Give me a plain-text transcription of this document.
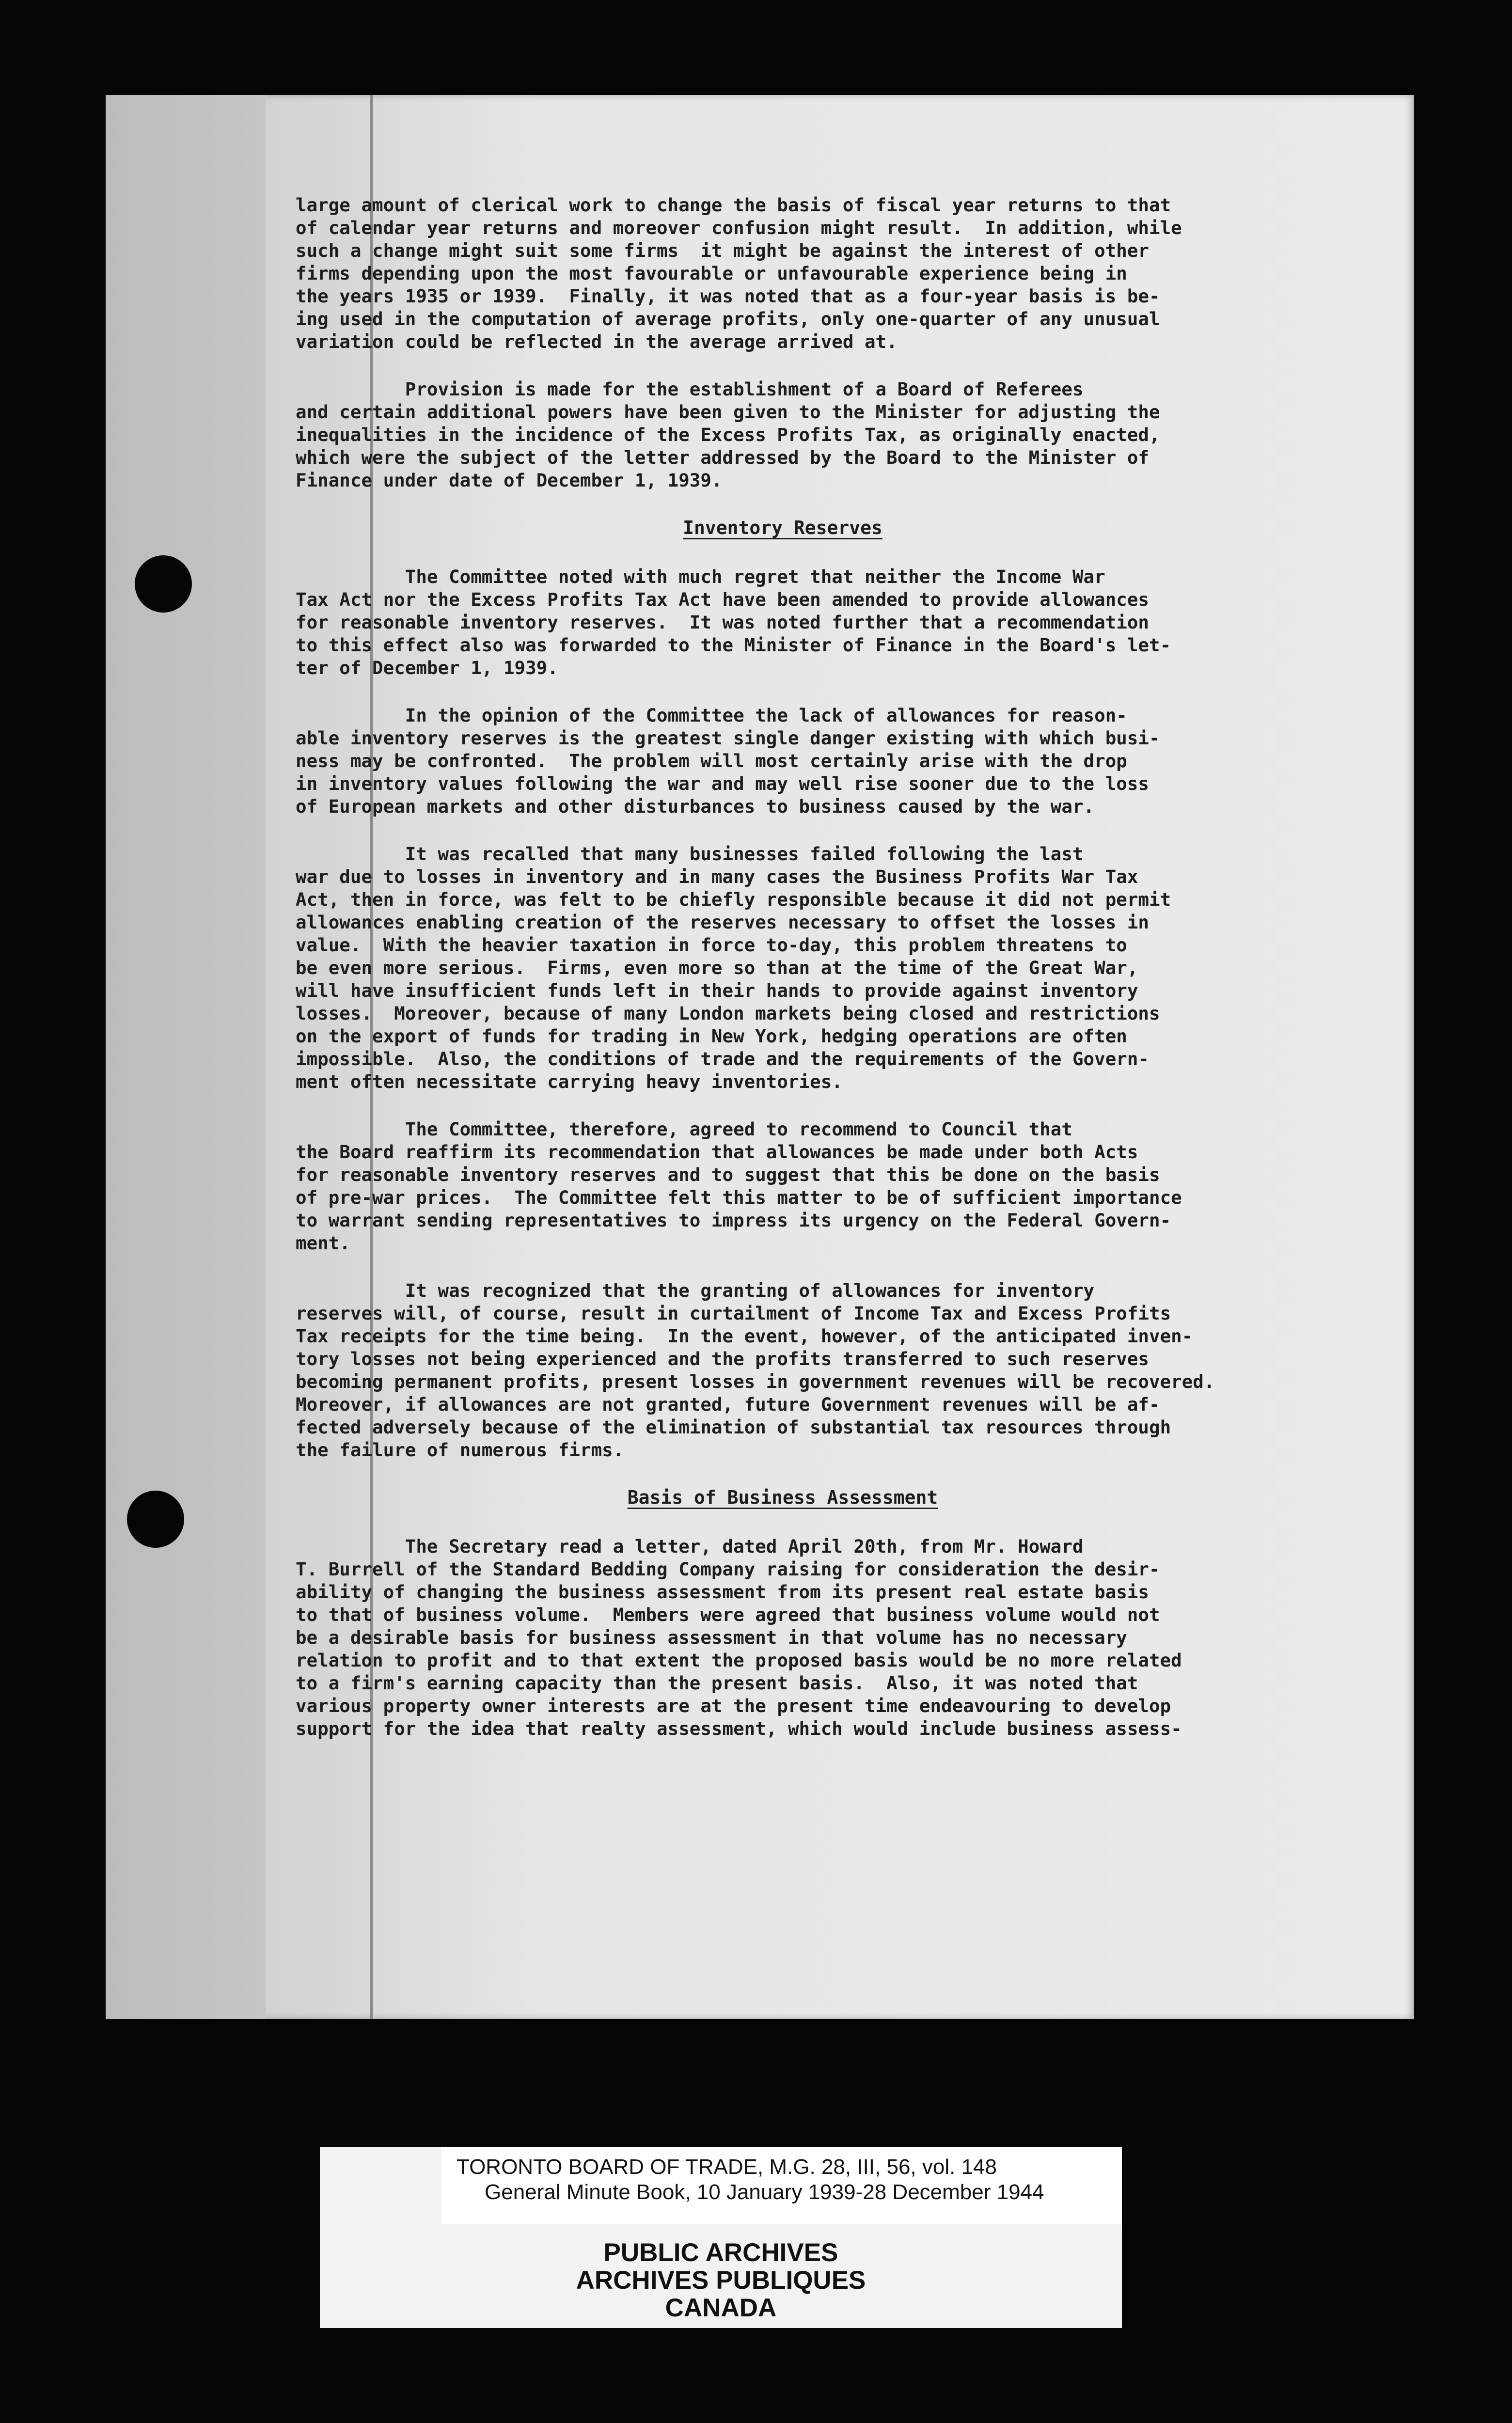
large amount of clerical work to change the basis of fiscal year returns to that
of calendar year returns and moreover confusion might result.  In addition, while
such a change might suit some firms  it might be against the interest of other
firms depending upon the most favourable or unfavourable experience being in
the years 1935 or 1939.  Finally, it was noted that as a four-year basis is be-
ing used in the computation of average profits, only one-quarter of any unusual
variation could be reflected in the average arrived at.
Provision is made for the establishment of a Board of Referees
and certain additional powers have been given to the Minister for adjusting the
inequalities in the incidence of the Excess Profits Tax, as originally enacted,
which were the subject of the letter addressed by the Board to the Minister of
Finance under date of December 1, 1939.
Inventory Reserves
The Committee noted with much regret that neither the Income War
Tax Act nor the Excess Profits Tax Act have been amended to provide allowances
for reasonable inventory reserves.  It was noted further that a recommendation
to this effect also was forwarded to the Minister of Finance in the Board's let-
ter of December 1, 1939.
In the opinion of the Committee the lack of allowances for reason-
able inventory reserves is the greatest single danger existing with which busi-
ness may be confronted.  The problem will most certainly arise with the drop
in inventory values following the war and may well rise sooner due to the loss
of European markets and other disturbances to business caused by the war.
It was recalled that many businesses failed following the last
war due to losses in inventory and in many cases the Business Profits War Tax
Act, then in force, was felt to be chiefly responsible because it did not permit
allowances enabling creation of the reserves necessary to offset the losses in
value.  With the heavier taxation in force to-day, this problem threatens to
be even more serious.  Firms, even more so than at the time of the Great War,
will have insufficient funds left in their hands to provide against inventory
losses.  Moreover, because of many London markets being closed and restrictions
on the export of funds for trading in New York, hedging operations are often
impossible.  Also, the conditions of trade and the requirements of the Govern-
ment often necessitate carrying heavy inventories.
The Committee, therefore, agreed to recommend to Council that
the Board reaffirm its recommendation that allowances be made under both Acts
for reasonable inventory reserves and to suggest that this be done on the basis
of pre-war prices.  The Committee felt this matter to be of sufficient importance
to warrant sending representatives to impress its urgency on the Federal Govern-
ment.
It was recognized that the granting of allowances for inventory
reserves will, of course, result in curtailment of Income Tax and Excess Profits
Tax receipts for the time being.  In the event, however, of the anticipated inven-
tory losses not being experienced and the profits transferred to such reserves
becoming permanent profits, present losses in government revenues will be recovered.
Moreover, if allowances are not granted, future Government revenues will be af-
fected adversely because of the elimination of substantial tax resources through
the failure of numerous firms.
Basis of Business Assessment
The Secretary read a letter, dated April 20th, from Mr. Howard
T. Burrell of the Standard Bedding Company raising for consideration the desir-
ability of changing the business assessment from its present real estate basis
to that of business volume.  Members were agreed that business volume would not
be a desirable basis for business assessment in that volume has no necessary
relation to profit and to that extent the proposed basis would be no more related
to a firm's earning capacity than the present basis.  Also, it was noted that
various property owner interests are at the present time endeavouring to develop
support for the idea that realty assessment, which would include business assess-
TORONTO BOARD OF TRADE, M.G. 28, III, 56, vol. 148
General Minute Book, 10 January 1939-28 December 1944
PUBLIC ARCHIVES
ARCHIVES PUBLIQUES
CANADA
